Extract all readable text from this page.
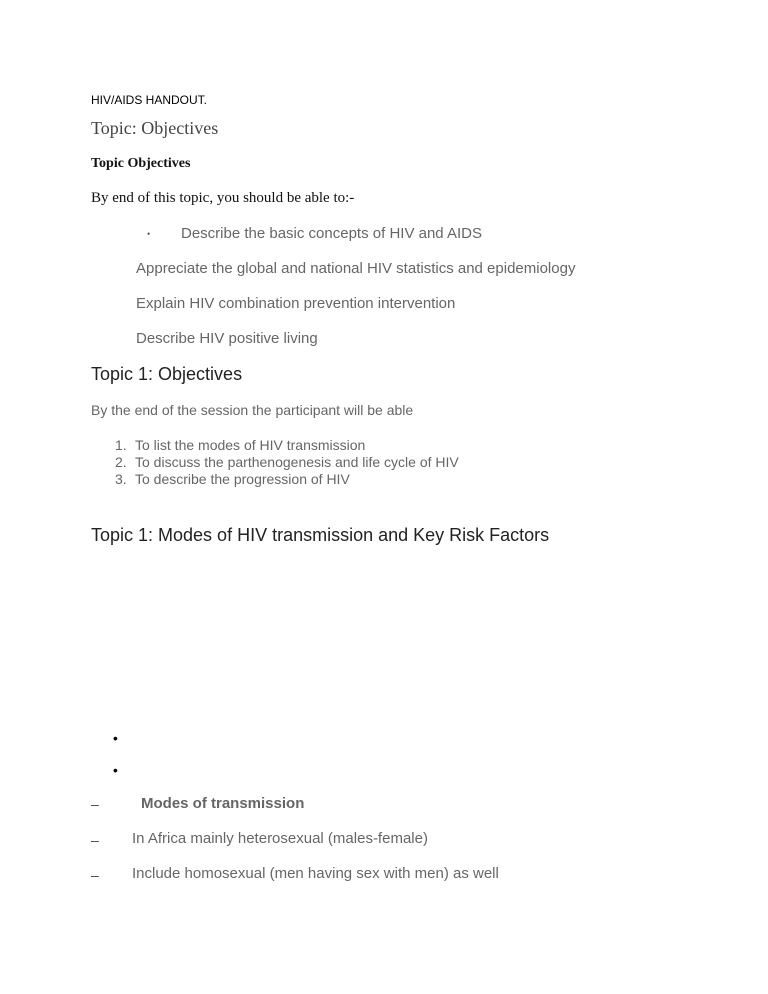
HIV/AIDS HANDOUT.
Topic: Objectives
Topic Objectives
By end of this topic, you should be able to:-
• Describe the basic concepts of HIV and AIDS
Appreciate the global and national HIV statistics and epidemiology
Explain HIV combination prevention intervention
Describe HIV positive living
Topic 1: Objectives
By the end of the session the participant will be able
1. To list the modes of HIV transmission
2. To discuss the parthenogenesis and life cycle of HIV
3. To describe the progression of HIV
Topic 1: Modes of HIV transmission and Key Risk Factors
•
•
–	Modes of transmission
– In Africa mainly heterosexual (males-female)
– Include homosexual (men having sex with men) as well
